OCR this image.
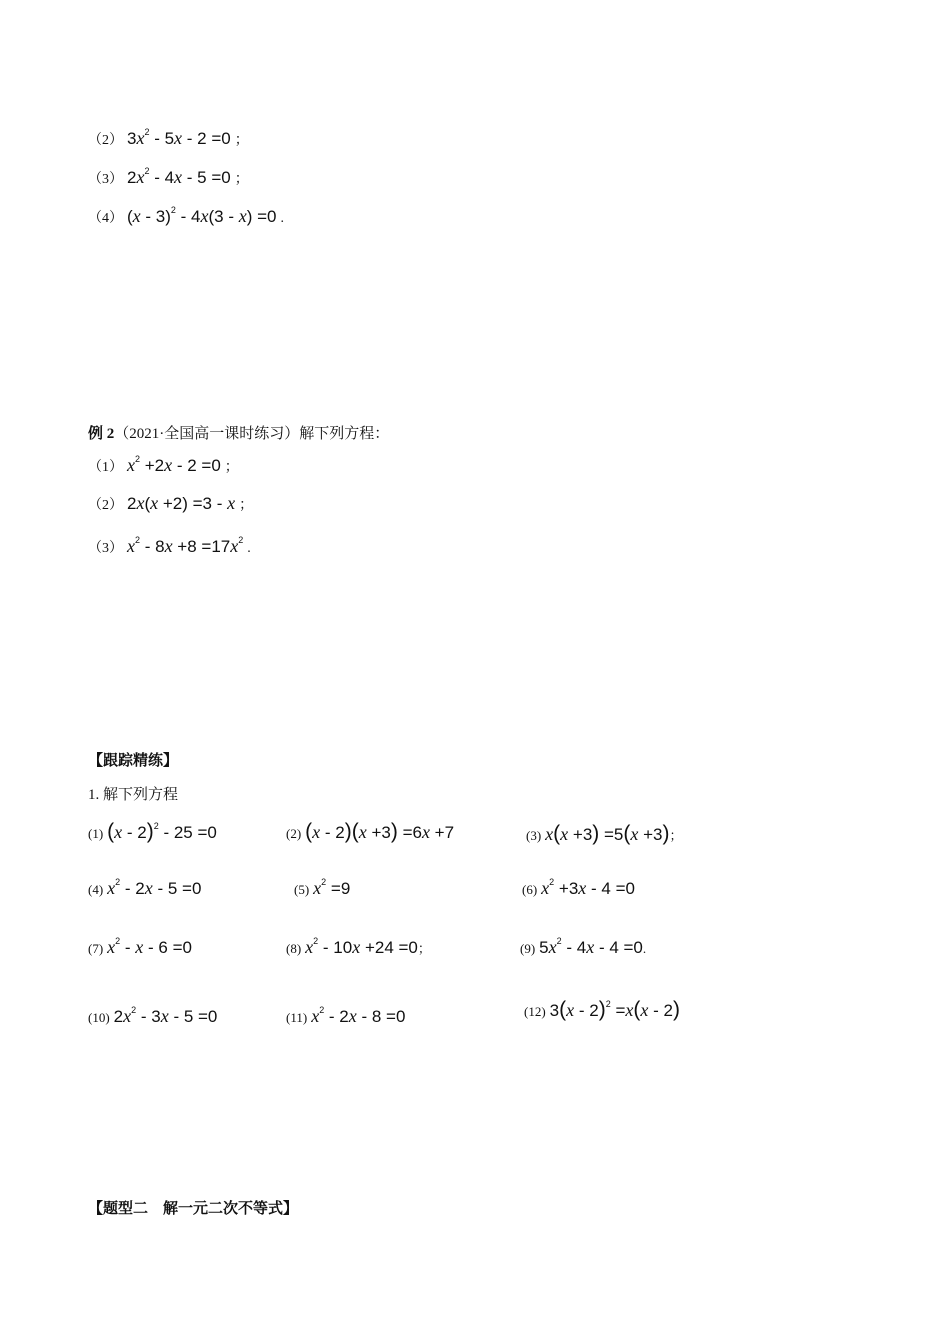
（2） $3x^2 - 5x - 2 =0$ ；
（3） $2x^2 - 4x - 5 =0$ ；
（4） (x - 3)$^2$ - 4x(3 - x) =0 .
例 2（2021·全国高一课时练习）解下列方程：
（1） $x^2 +2x - 2 =0$ ；
（2） 2x(x +2) =3 - x ；
（3） $x^2 - 8x +8 =17x^2$ .
【跟踪精练】
1. 解下列方程
(1) (x - 2)$^2$ - 25 =0	(2) (x - 2)(x +3) =6x +7	(3) x(x +3) =5(x +3)；
(4) $x^2 - 2x - 5 =0$	(5) $x^2 =9$	(6) $x^2 +3x - 4 =0$
(7) $x^2 - x - 6 =0$	(8) $x^2 - 10x +24 =0$；	(9) $5x^2 - 4x - 4 =0$.
(10) $2x^2 - 3x - 5 =0$	(11) $x^2 - 2x - 8 =0$	(12) 3(x - 2)$^2$ =x(x - 2)
【题型二　解一元二次不等式】
